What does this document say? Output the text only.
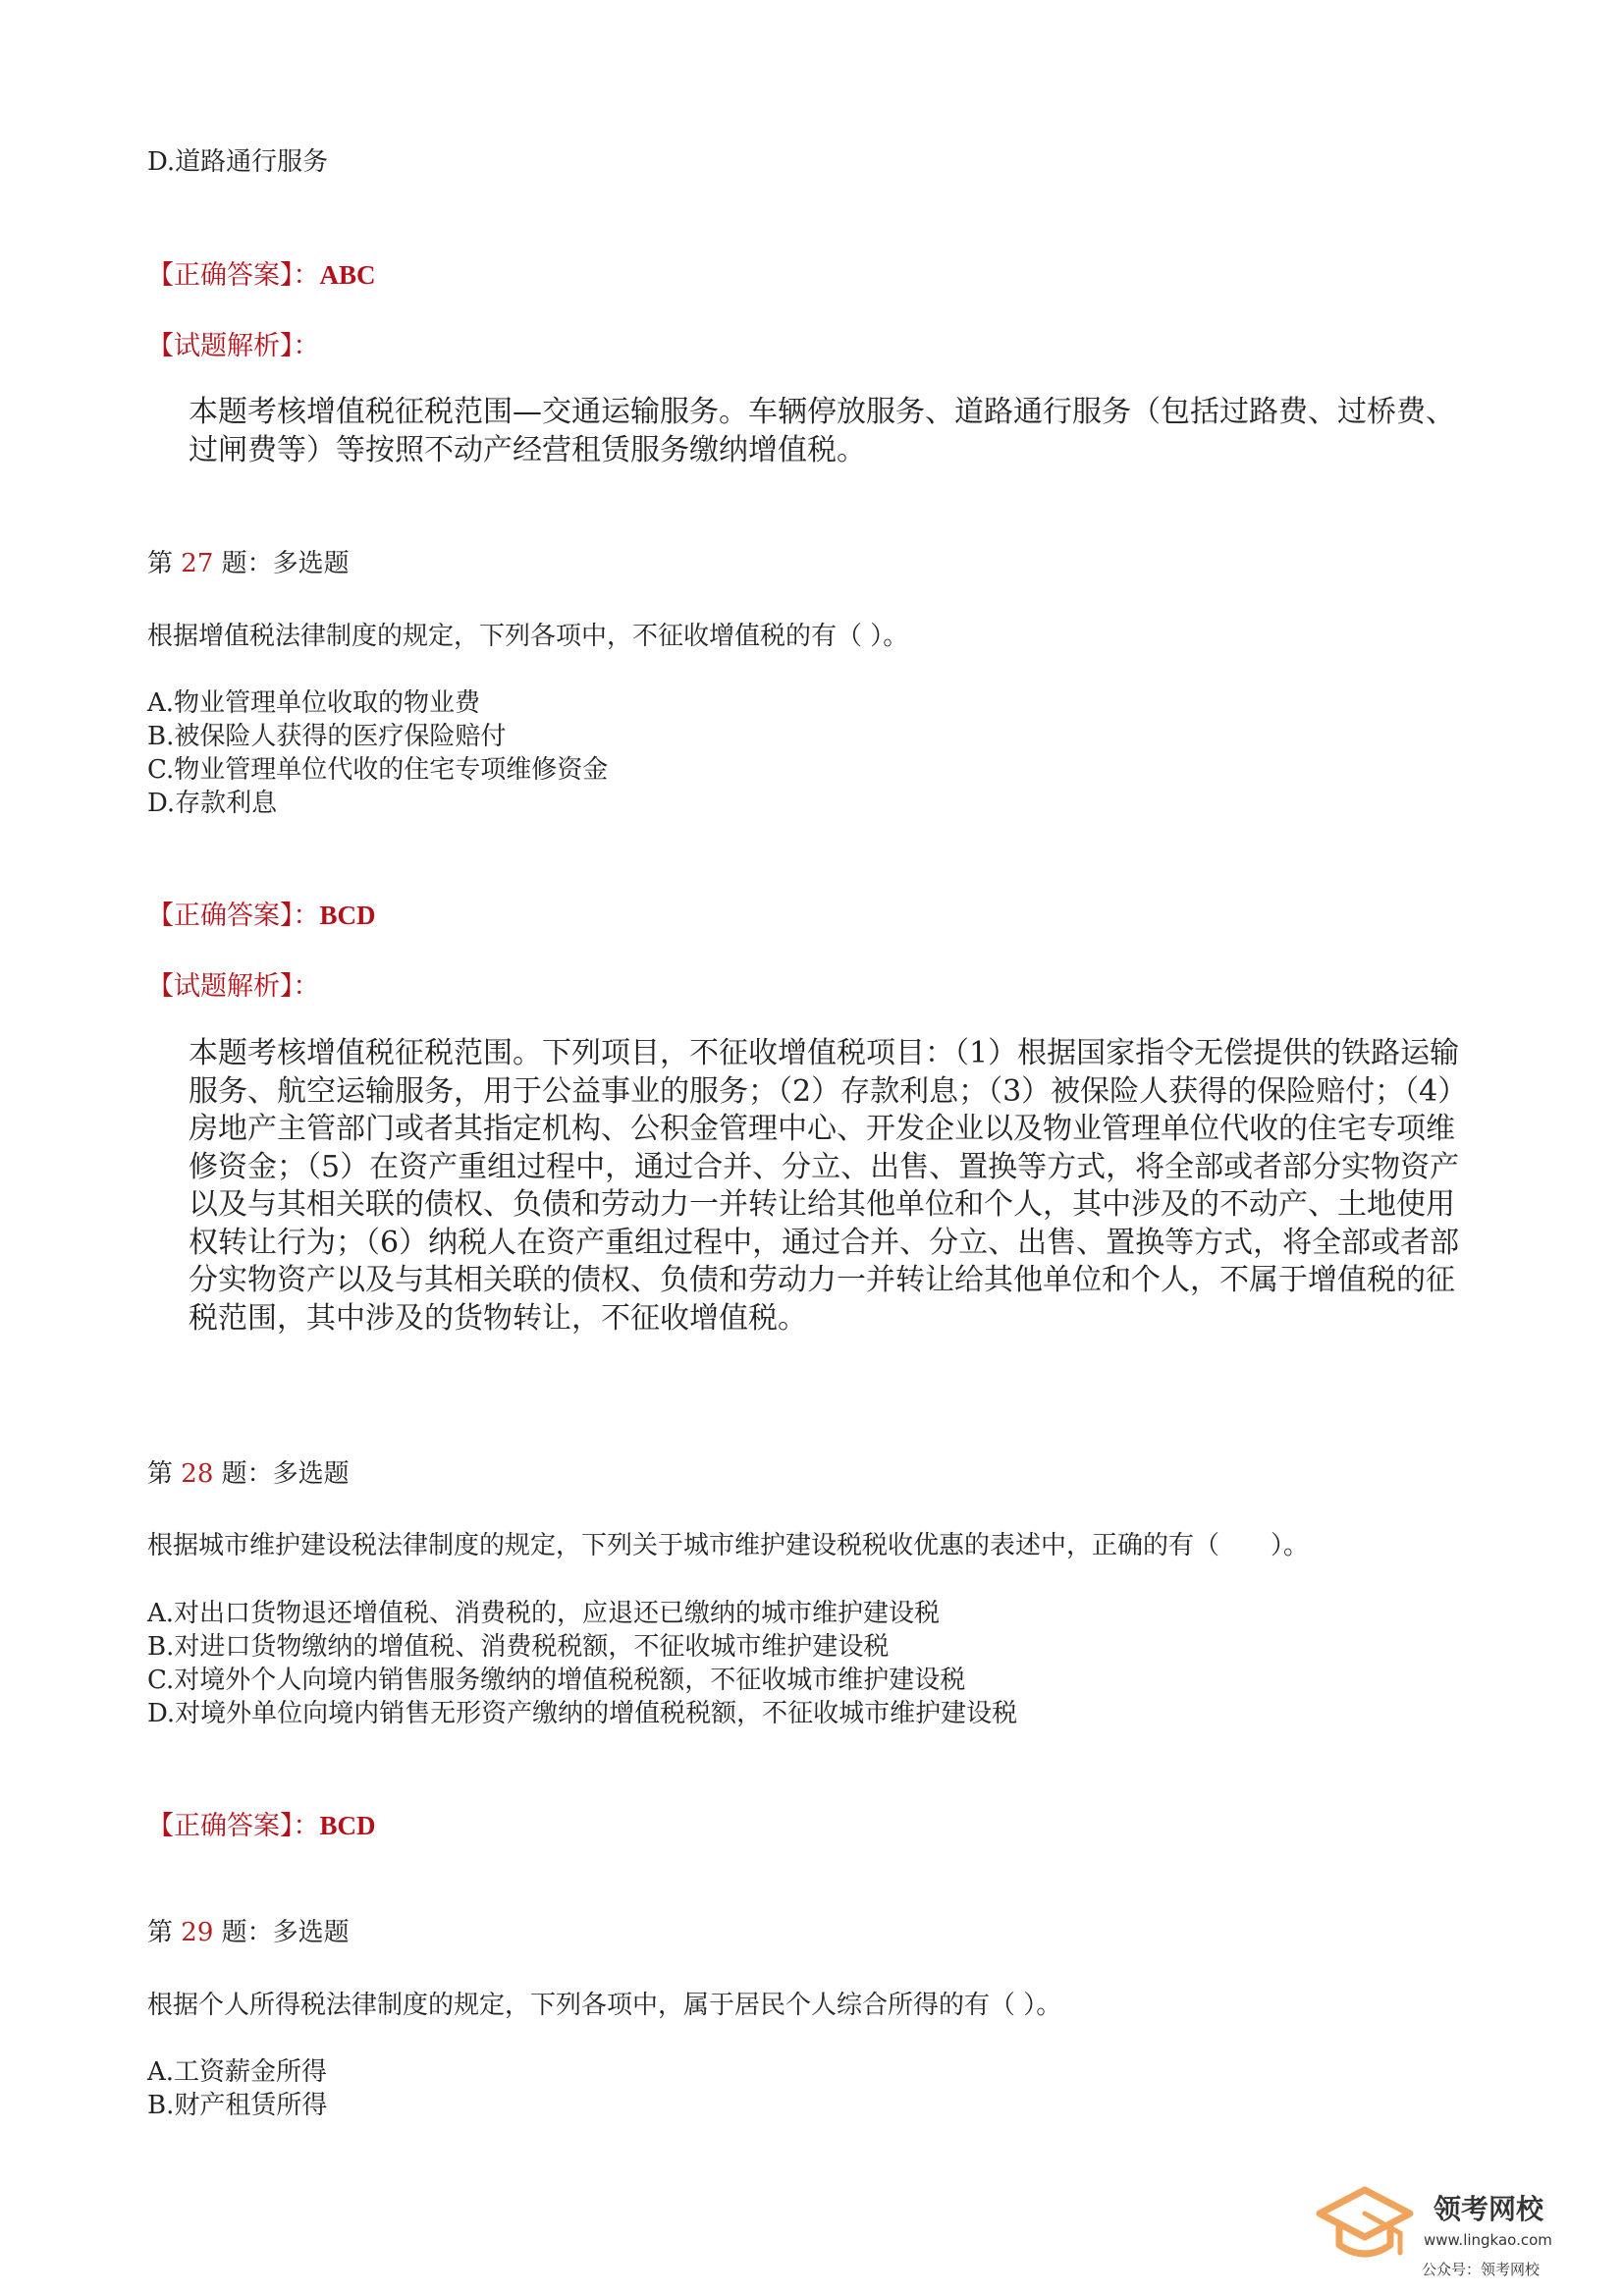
D.道路通行服务
【正确答案】：ABC
【试题解析】：
本题考核增值税征税范围—交通运输服务。车辆停放服务、道路通行服务（包括过路费、过桥费、过闸费等）等按照不动产经营租赁服务缴纳增值税。
第 27 题：多选题
根据增值税法律制度的规定，下列各项中，不征收增值税的有（ ）。
A.物业管理单位收取的物业费
B.被保险人获得的医疗保险赔付
C.物业管理单位代收的住宅专项维修资金
D.存款利息
【正确答案】：BCD
【试题解析】：
本题考核增值税征税范围。下列项目，不征收增值税项目：（1）根据国家指令无偿提供的铁路运输服务、航空运输服务，用于公益事业的服务；（2）存款利息；（3）被保险人获得的保险赔付；（4）房地产主管部门或者其指定机构、公积金管理中心、开发企业以及物业管理单位代收的住宅专项维修资金；（5）在资产重组过程中，通过合并、分立、出售、置换等方式，将全部或者部分实物资产以及与其相关联的债权、负债和劳动力一并转让给其他单位和个人，其中涉及的不动产、土地使用权转让行为；（6）纳税人在资产重组过程中，通过合并、分立、出售、置换等方式，将全部或者部分实物资产以及与其相关联的债权、负债和劳动力一并转让给其他单位和个人，不属于增值税的征税范围，其中涉及的货物转让，不征收增值税。
第 28 题：多选题
根据城市维护建设税法律制度的规定，下列关于城市维护建设税税收优惠的表述中，正确的有（　　）。
A.对出口货物退还增值税、消费税的，应退还已缴纳的城市维护建设税
B.对进口货物缴纳的增值税、消费税税额，不征收城市维护建设税
C.对境外个人向境内销售服务缴纳的增值税税额，不征收城市维护建设税
D.对境外单位向境内销售无形资产缴纳的增值税税额，不征收城市维护建设税
【正确答案】：BCD
第 29 题：多选题
根据个人所得税法律制度的规定，下列各项中，属于居民个人综合所得的有（ ）。
A.工资薪金所得
B.财产租赁所得
领考网校
www.lingkao.com
公众号：领考网校
